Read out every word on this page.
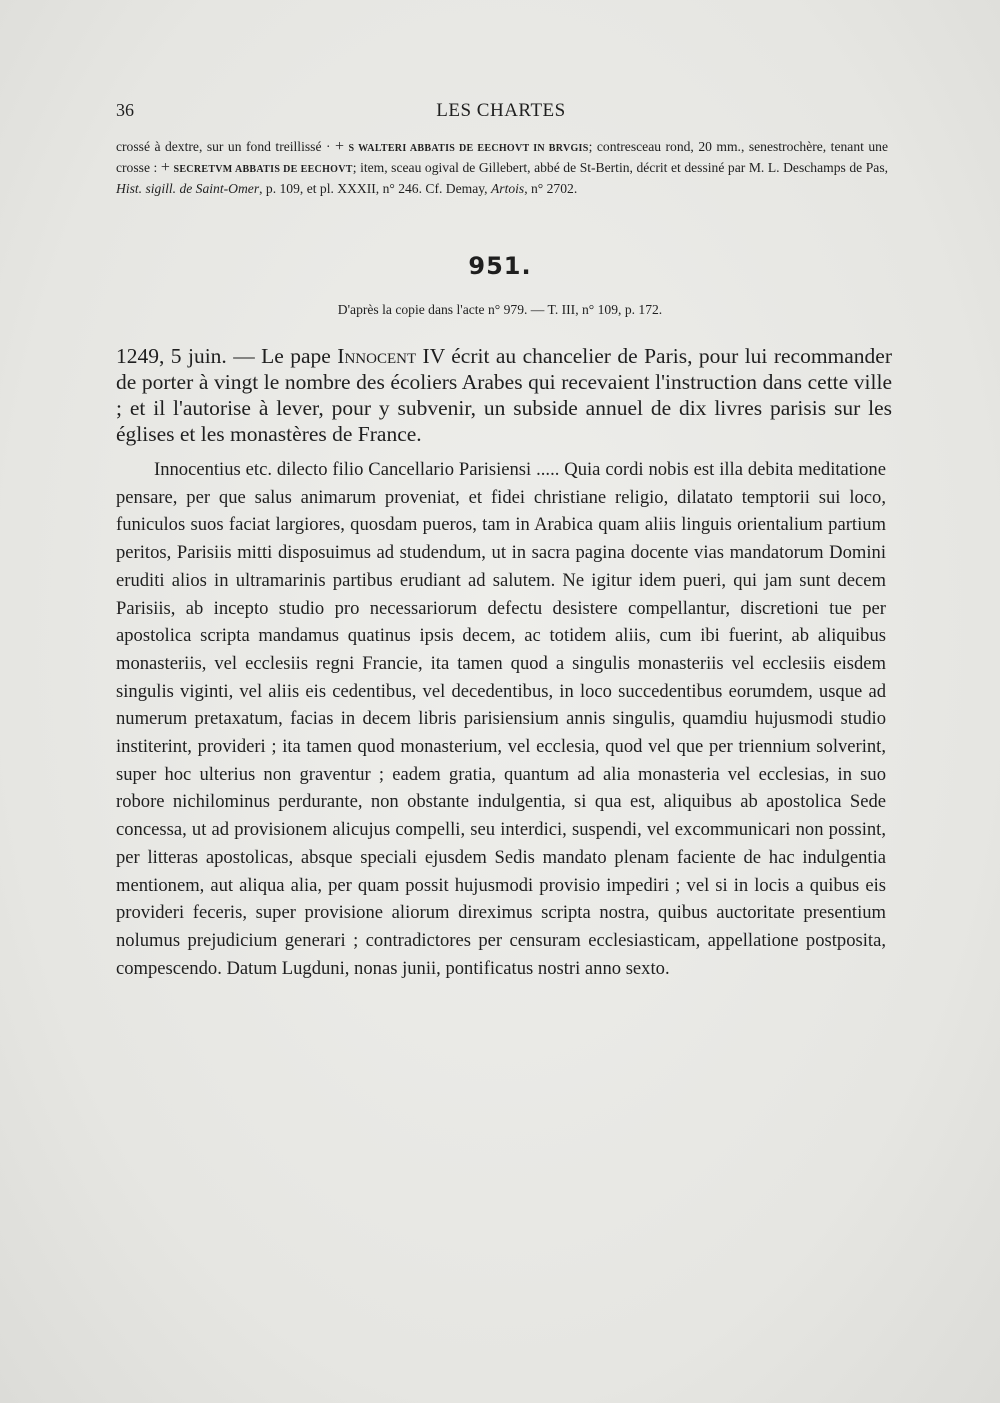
36	LES CHARTES
crossé à dextre, sur un fond treillissé · + S WALTERI ABBATIS DE EECHOVT IN BRVGIS; contresceau rond, 20 mm., senestrochère, tenant une crosse : + SECRETVM ABBATIS DE EECHOVT; item, sceau ogival de Gillebert, abbé de St-Bertin, décrit et dessiné par M. L. Deschamps de Pas, Hist. sigill. de Saint-Omer, p. 109, et pl. XXXII, n° 246. Cf. Demay, Artois, n° 2702.
951.
D'après la copie dans l'acte n° 979. — T. III, n° 109, p. 172.
1249, 5 juin. — Le pape Innocent IV écrit au chancelier de Paris, pour lui recommander de porter à vingt le nombre des écoliers Arabes qui recevaient l'instruction dans cette ville ; et il l'autorise à lever, pour y subvenir, un subside annuel de dix livres parisis sur les églises et les monastères de France.
Innocentius etc. dilecto filio Cancellario Parisiensi ..... Quia cordi nobis est illa debita meditatione pensare, per que salus animarum proveniat, et fidei christiane religio, dilatato temptorii sui loco, funiculos suos faciat largiores, quosdam pueros, tam in Arabica quam aliis linguis orientalium partium peritos, Parisiis mitti disposuimus ad studendum, ut in sacra pagina docente vias mandatorum Domini eruditi alios in ultramarinis partibus erudiant ad salutem. Ne igitur idem pueri, qui jam sunt decem Parisiis, ab incepto studio pro necessariorum defectu desistere compellantur, discretioni tue per apostolica scripta mandamus quatinus ipsis decem, ac totidem aliis, cum ibi fuerint, ab aliquibus monasteriis, vel ecclesiis regni Francie, ita tamen quod a singulis monasteriis vel ecclesiis eisdem singulis viginti, vel aliis eis cedentibus, vel decedentibus, in loco succedentibus eorumdem, usque ad numerum pretaxatum, facias in decem libris parisiensium annis singulis, quamdiu hujusmodi studio institerint, provideri ; ita tamen quod monasterium, vel ecclesia, quod vel que per triennium solverint, super hoc ulterius non graventur ; eadem gratia, quantum ad alia monasteria vel ecclesias, in suo robore nichilominus perdurante, non obstante indulgentia, si qua est, aliquibus ab apostolica Sede concessa, ut ad provisionem alicujus compelli, seu interdici, suspendi, vel excommunicari non possint, per litteras apostolicas, absque speciali ejusdem Sedis mandato plenam faciente de hac indulgentia mentionem, aut aliqua alia, per quam possit hujusmodi provisio impediri ; vel si in locis a quibus eis provideri feceris, super provisione aliorum direximus scripta nostra, quibus auctoritate presentium nolumus prejudicium generari ; contradictores per censuram ecclesiasticam, appellatione postposita, compescendo. Datum Lugduni, nonas junii, pontificatus nostri anno sexto.
